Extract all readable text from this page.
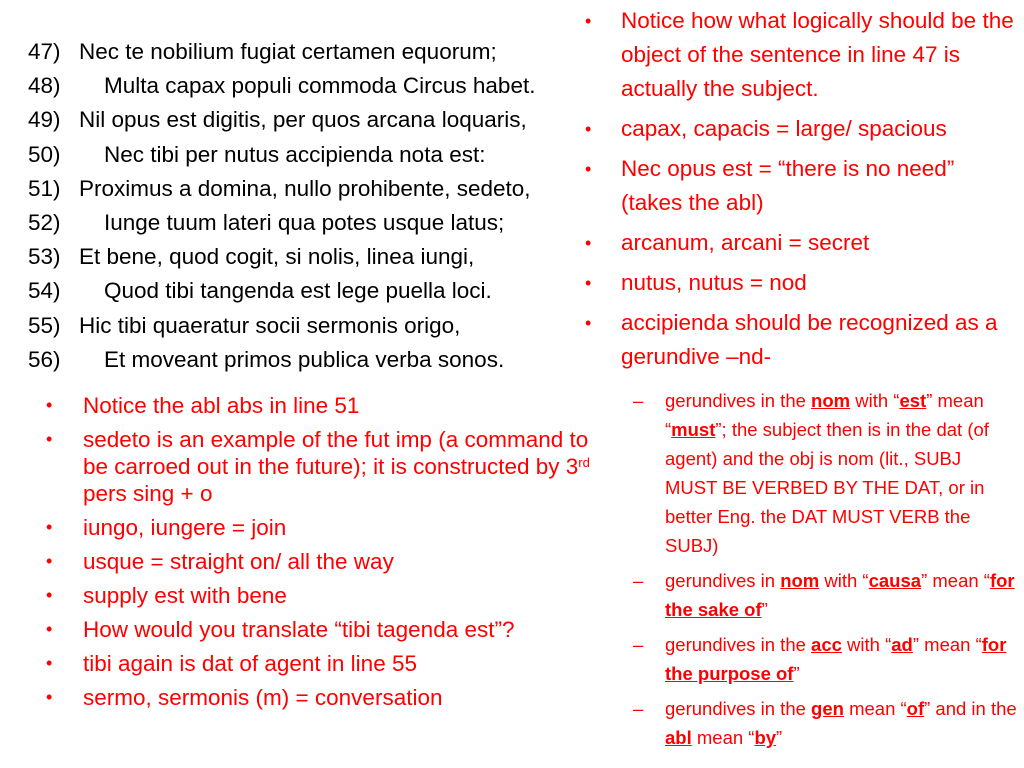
47) Nec te nobilium fugiat certamen equorum;
48) Multa capax populi commoda Circus habet.
49) Nil opus est digitis, per quos arcana loquaris,
50) Nec tibi per nutus accipienda nota est:
51) Proximus a domina, nullo prohibente, sedeto,
52) Iunge tuum lateri qua potes usque latus;
53) Et bene, quod cogit, si nolis, linea iungi,
54) Quod tibi tangenda est lege puella loci.
55) Hic tibi quaeratur socii sermonis origo,
56) Et moveant primos publica verba sonos.
• Notice the abl abs in line 51
• sedeto is an example of the fut imp (a command to be carroed out in the future); it is constructed by 3rd pers sing + o
• iungo, iungere = join
• usque = straight on/ all the way
• supply est with bene
• How would you translate “tibi tagenda est”?
• tibi again is dat of agent in line 55
• sermo, sermonis (m) = conversation
• Notice how what logically should be the object of the sentence in line 47 is actually the subject.
• capax, capacis = large/ spacious
• Nec opus est = “there is no need” (takes the abl)
• arcanum, arcani = secret
• nutus, nutus = nod
• accipienda should be recognized as a gerundive –nd-
– gerundives in the nom with “est” mean “must”; the subject then is in the dat (of agent) and the obj is nom (lit., SUBJ MUST BE VERBED BY THE DAT, or in better Eng. the DAT MUST VERB the SUBJ)
– gerundives in nom with “causa” mean “for the sake of”
– gerundives in the acc with “ad” mean “for the purpose of”
– gerundives in the gen mean “of” and in the abl mean “by”
